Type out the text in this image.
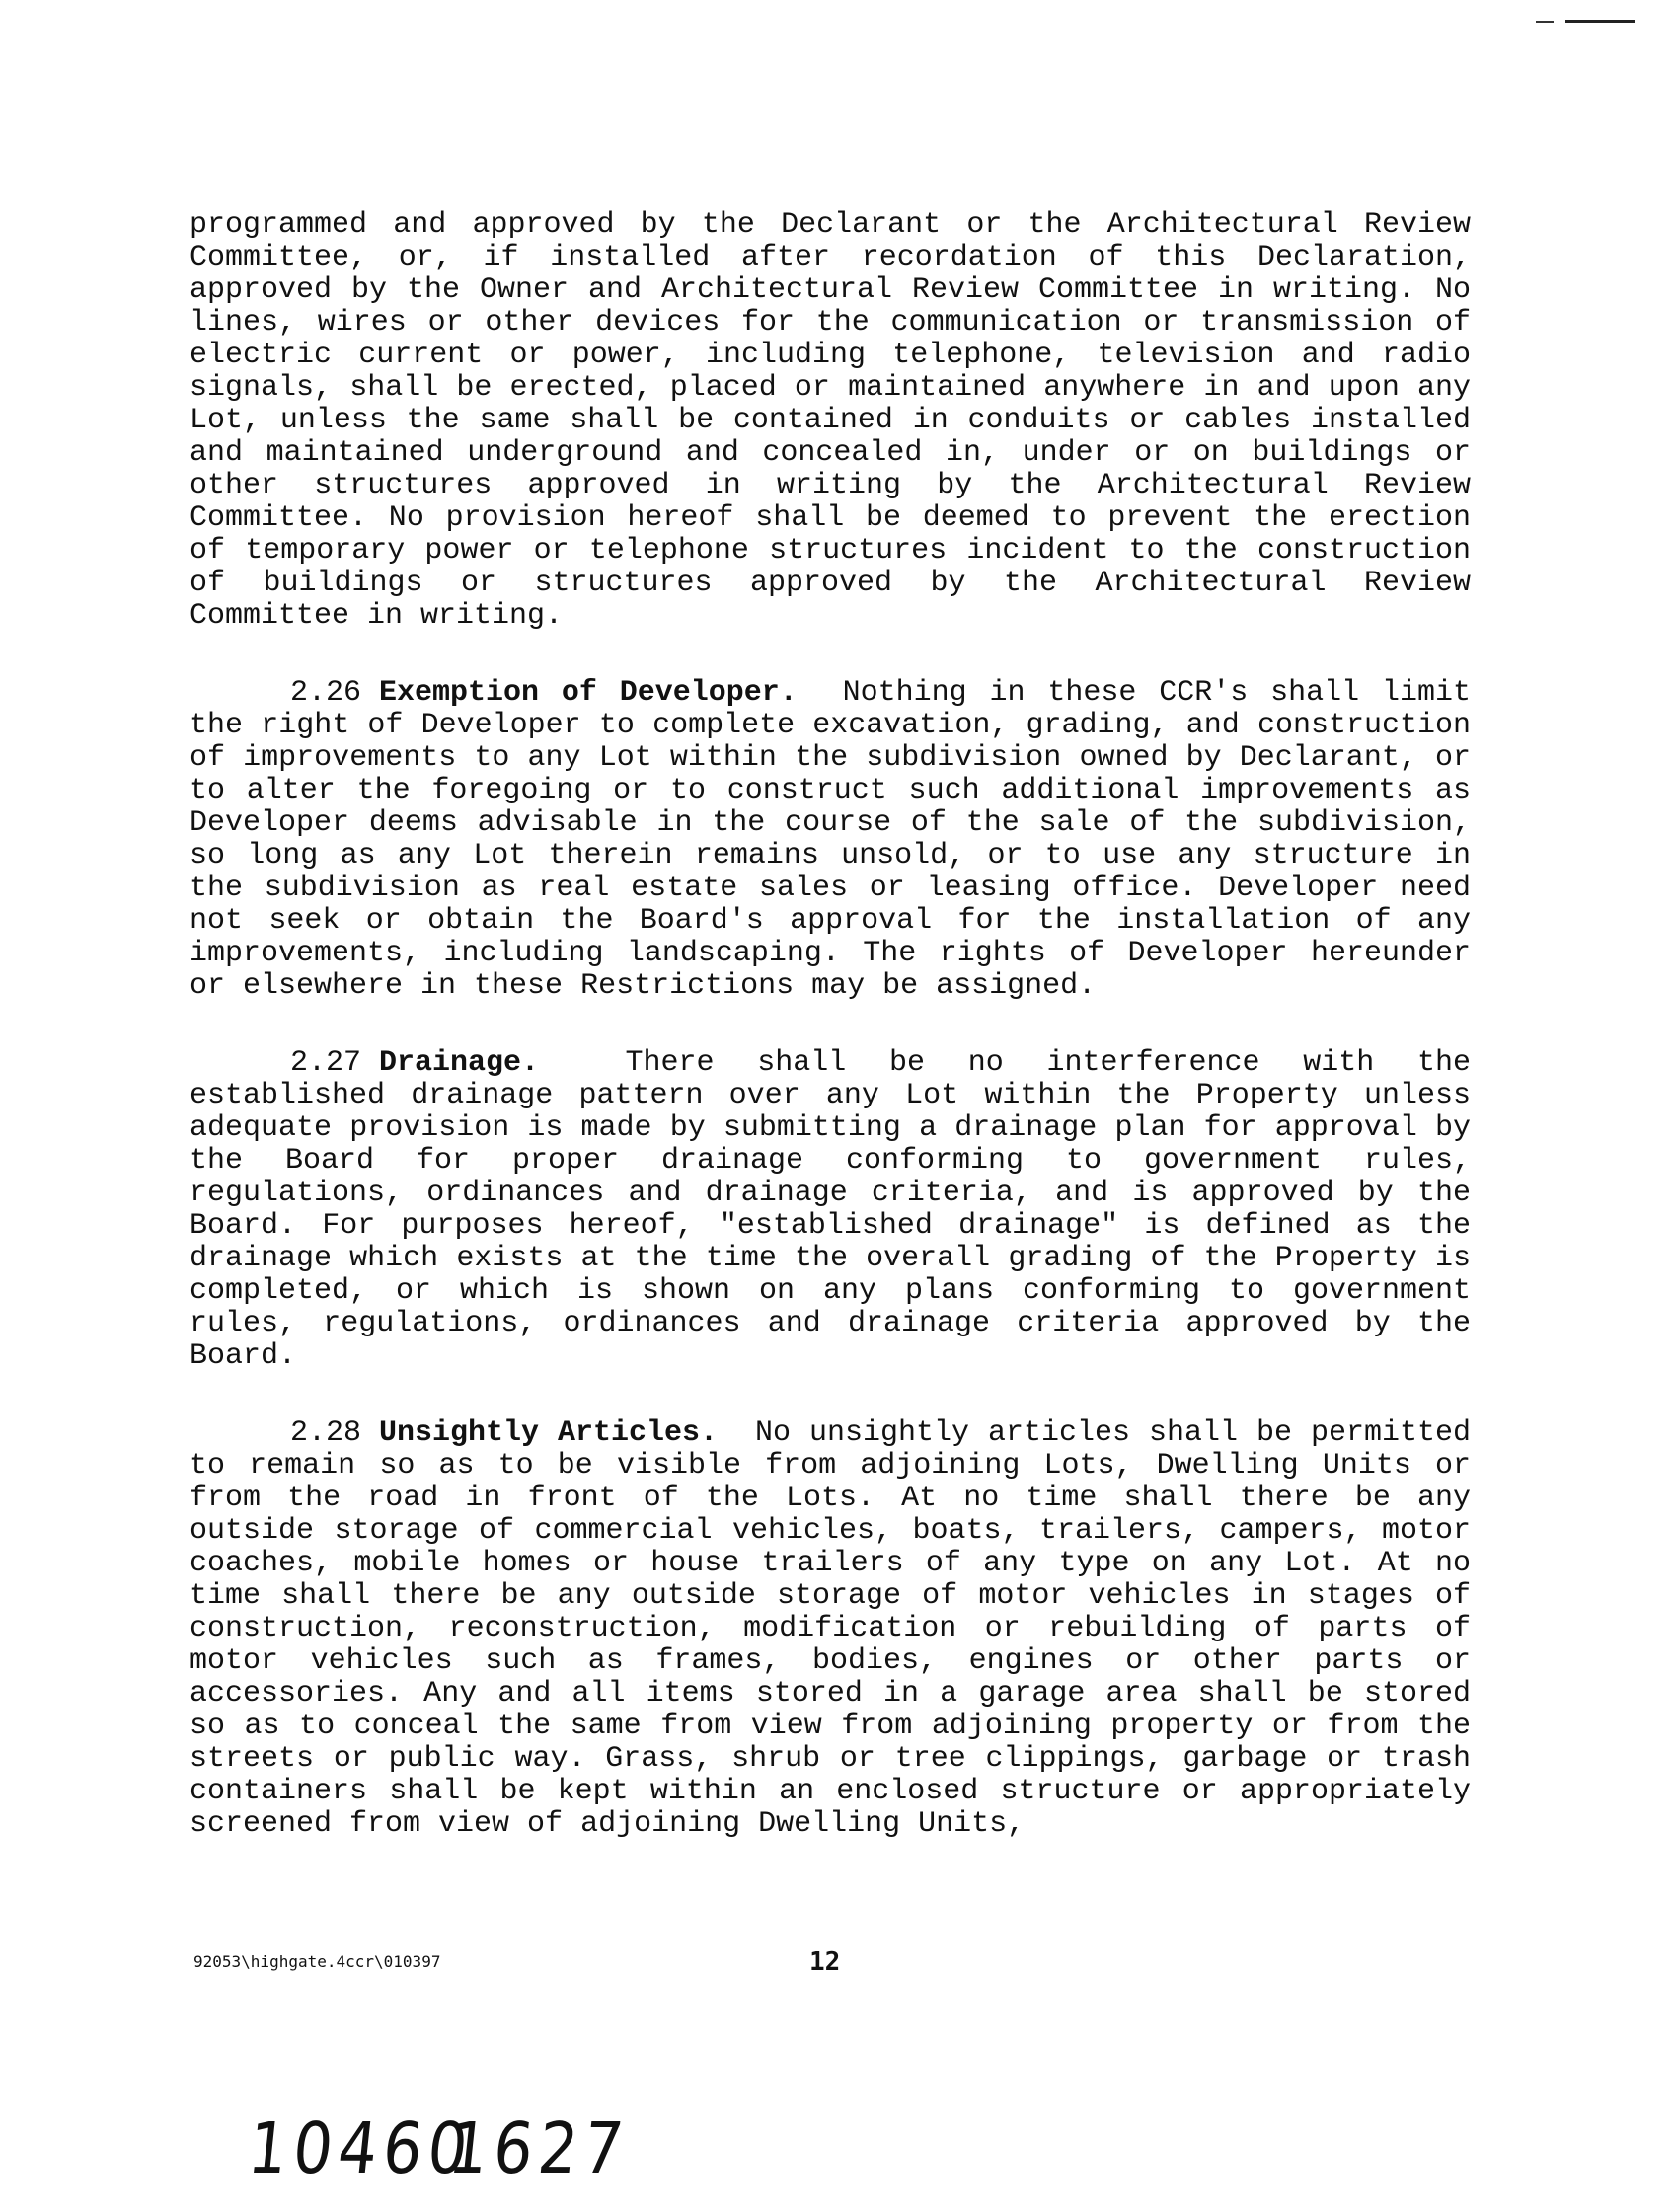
programmed and approved by the Declarant or the Architectural Review Committee, or, if installed after recordation of this Declaration, approved by the Owner and Architectural Review Committee in writing. No lines, wires or other devices for the communication or transmission of electric current or power, including telephone, television and radio signals, shall be erected, placed or maintained anywhere in and upon any Lot, unless the same shall be contained in conduits or cables installed and maintained underground and concealed in, under or on buildings or other structures approved in writing by the Architectural Review Committee. No provision hereof shall be deemed to prevent the erection of temporary power or telephone structures incident to the construction of buildings or structures approved by the Architectural Review Committee in writing.

2.26 Exemption of Developer. Nothing in these CCR's shall limit the right of Developer to complete excavation, grading, and construction of improvements to any Lot within the subdivision owned by Declarant, or to alter the foregoing or to construct such additional improvements as Developer deems advisable in the course of the sale of the subdivision, so long as any Lot therein remains unsold, or to use any structure in the subdivision as real estate sales or leasing office. Developer need not seek or obtain the Board's approval for the installation of any improvements, including landscaping. The rights of Developer hereunder or elsewhere in these Restrictions may be assigned.

2.27 Drainage.	There shall be no interference with the established drainage pattern over any Lot within the Property unless adequate provision is made by submitting a drainage plan for approval by the Board for proper drainage conforming to government rules, regulations, ordinances and drainage criteria, and is approved by the Board. For purposes hereof, "established drainage" is defined as the drainage which exists at the time the overall grading of the Property is completed, or which is shown on any plans conforming to government rules, regulations, ordinances and drainage criteria approved by the Board.

2.28 Unsightly Articles. No unsightly articles shall be permitted to remain so as to be visible from adjoining Lots, Dwelling Units or from the road in front of the Lots. At no time shall there be any outside storage of commercial vehicles, boats, trailers, campers, motor coaches, mobile homes or house trailers of any type on any Lot. At no time shall there be any outside storage of motor vehicles in stages of construction, reconstruction, modification or rebuilding of parts of motor vehicles such as frames, bodies, engines or other parts or accessories. Any and all items stored in a garage area shall be stored so as to conceal the same from view from adjoining property or from the streets or public way. Grass, shrub or tree clippings, garbage or trash containers shall be kept within an enclosed structure or appropriately screened from view of adjoining Dwelling Units,

92053\highgate.4ccr\010397	12
10460
1627
